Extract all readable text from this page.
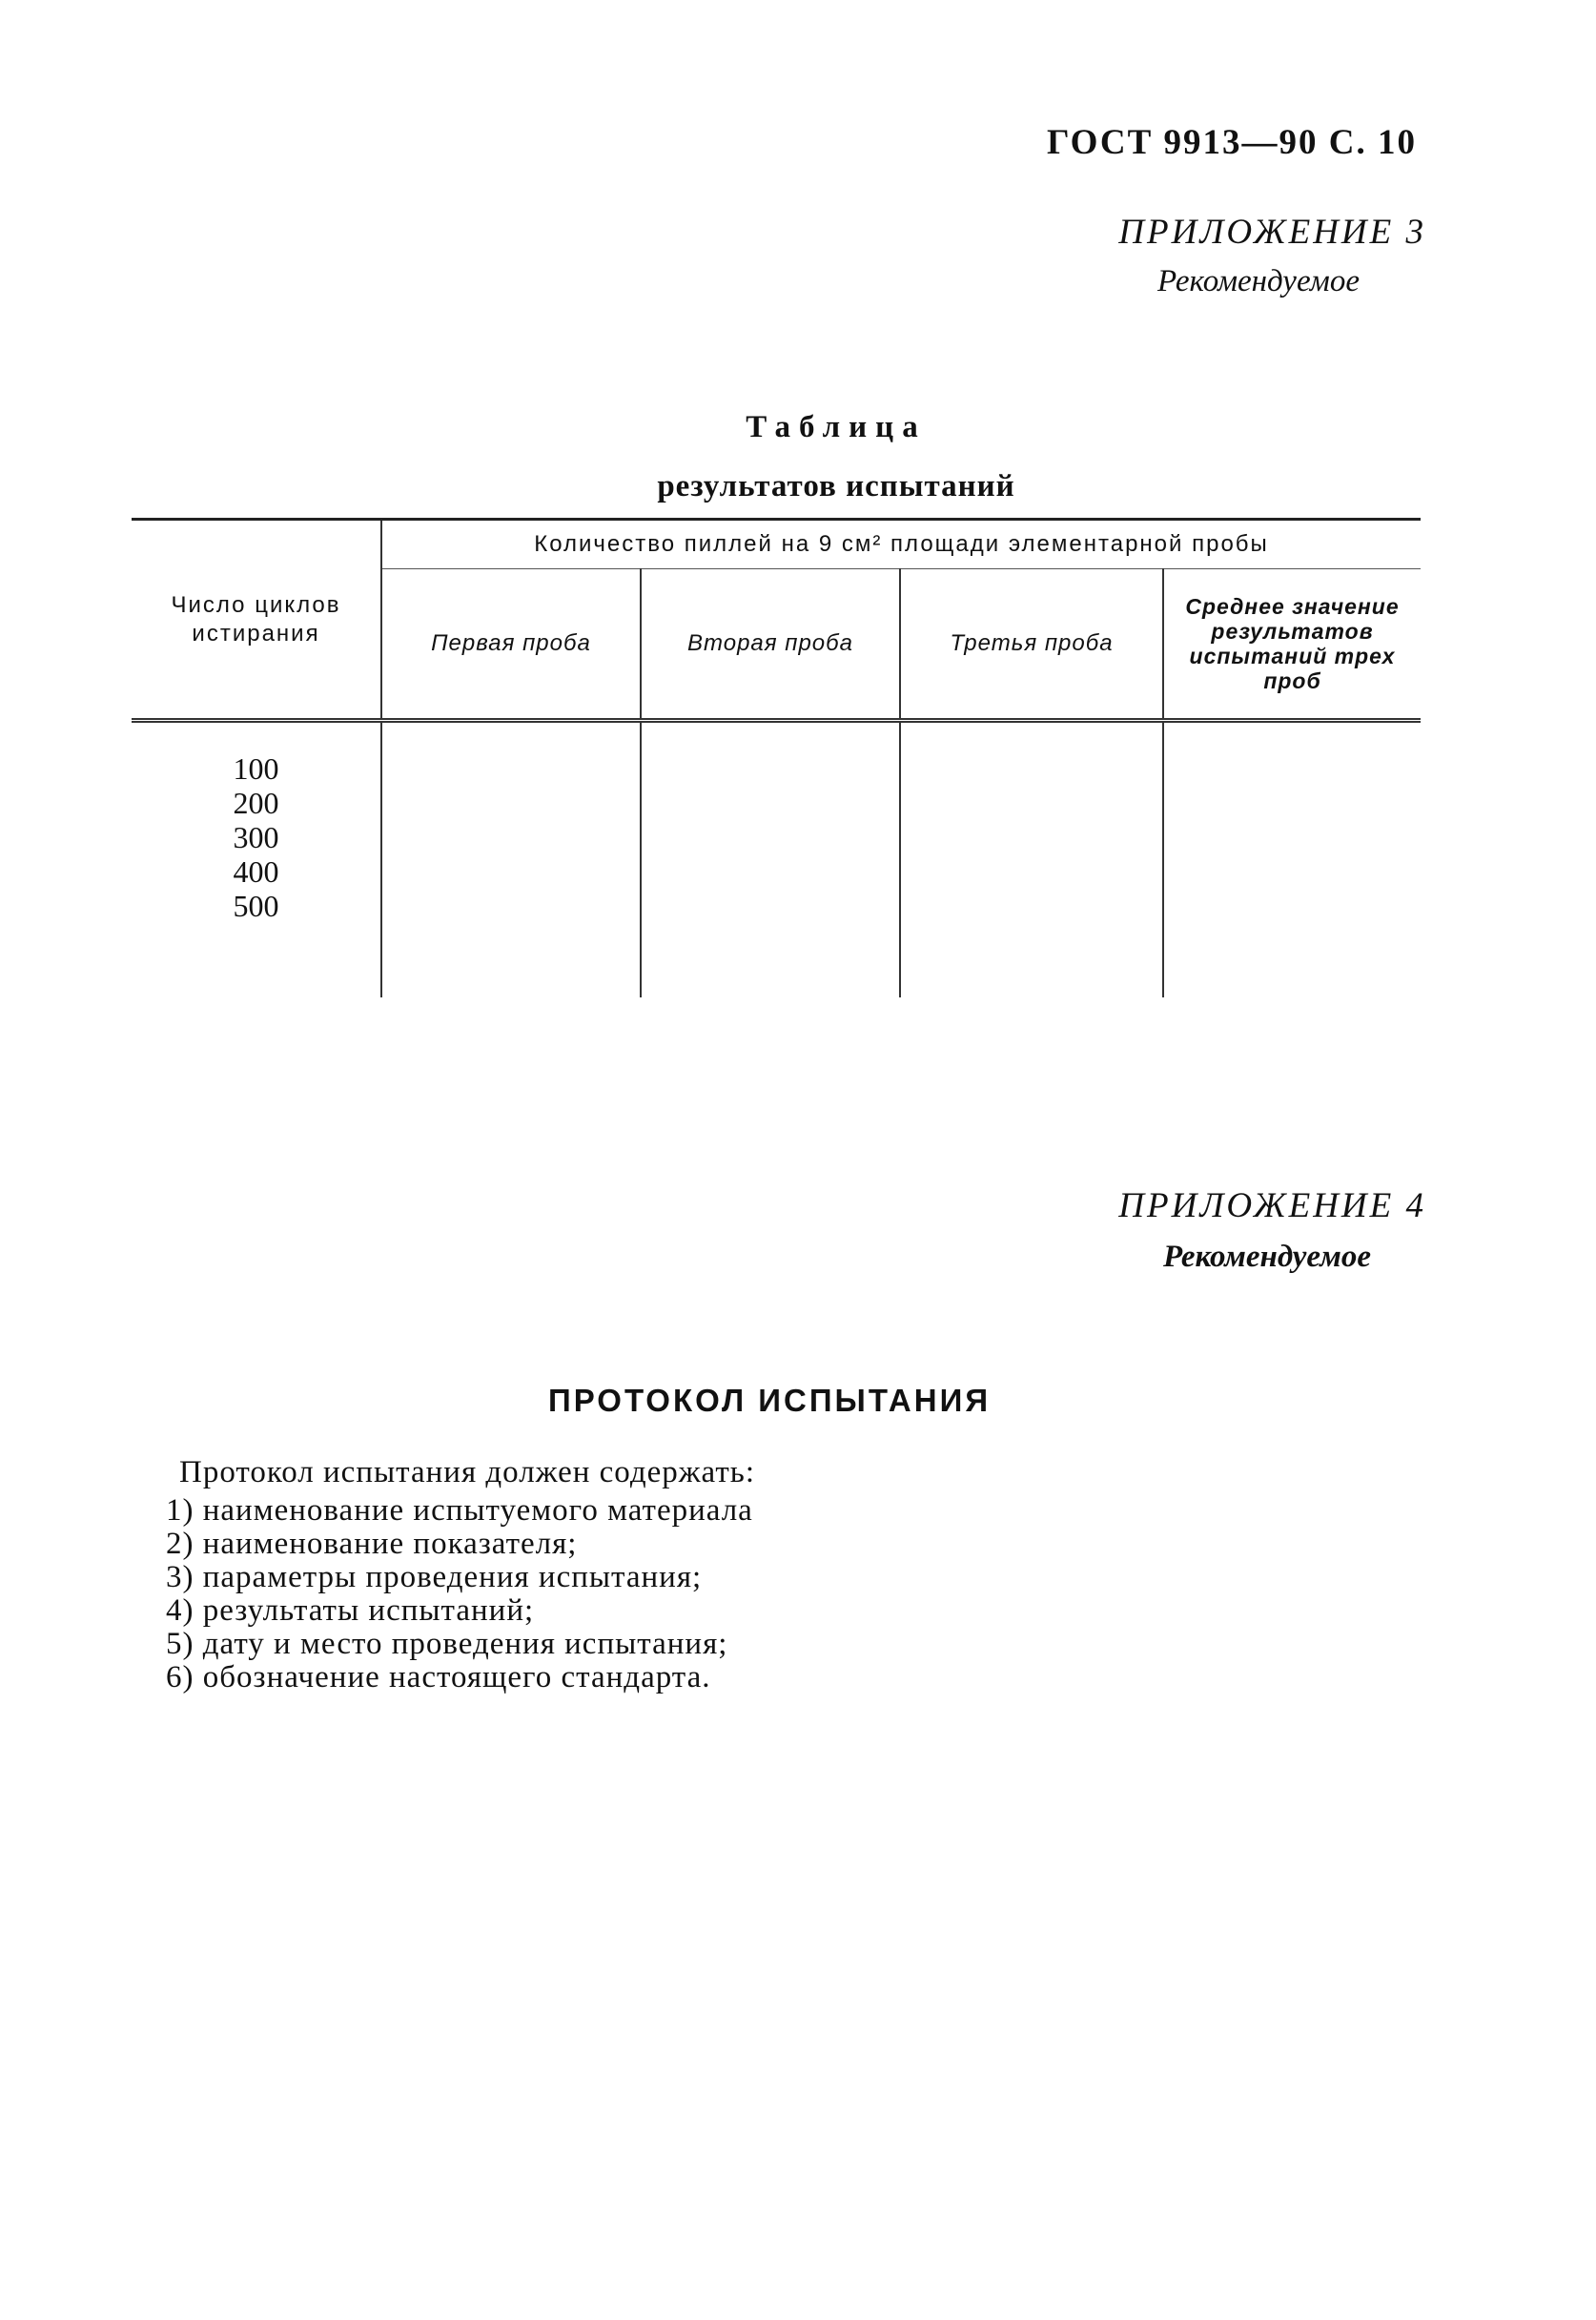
ГОСТ 9913—90 С. 10
ПРИЛОЖЕНИЕ 3
Рекомендуемое
Таблица
результатов испытаний
Число циклов истирания	Количество пиллей на 9 см² площади элементарной пробы			
	Первая проба	Вторая проба	Третья проба	Среднее значение результатов испытаний трех проб

100
200
300
400
500				

ПРИЛОЖЕНИЕ 4
Рекомендуемое
ПРОТОКОЛ ИСПЫТАНИЯ
Протокол испытания должен содержать:
1) наименование испытуемого материала
2) наименование показателя;
3) параметры проведения испытания;
4) результаты испытаний;
5) дату и место проведения испытания;
6) обозначение настоящего стандарта.
